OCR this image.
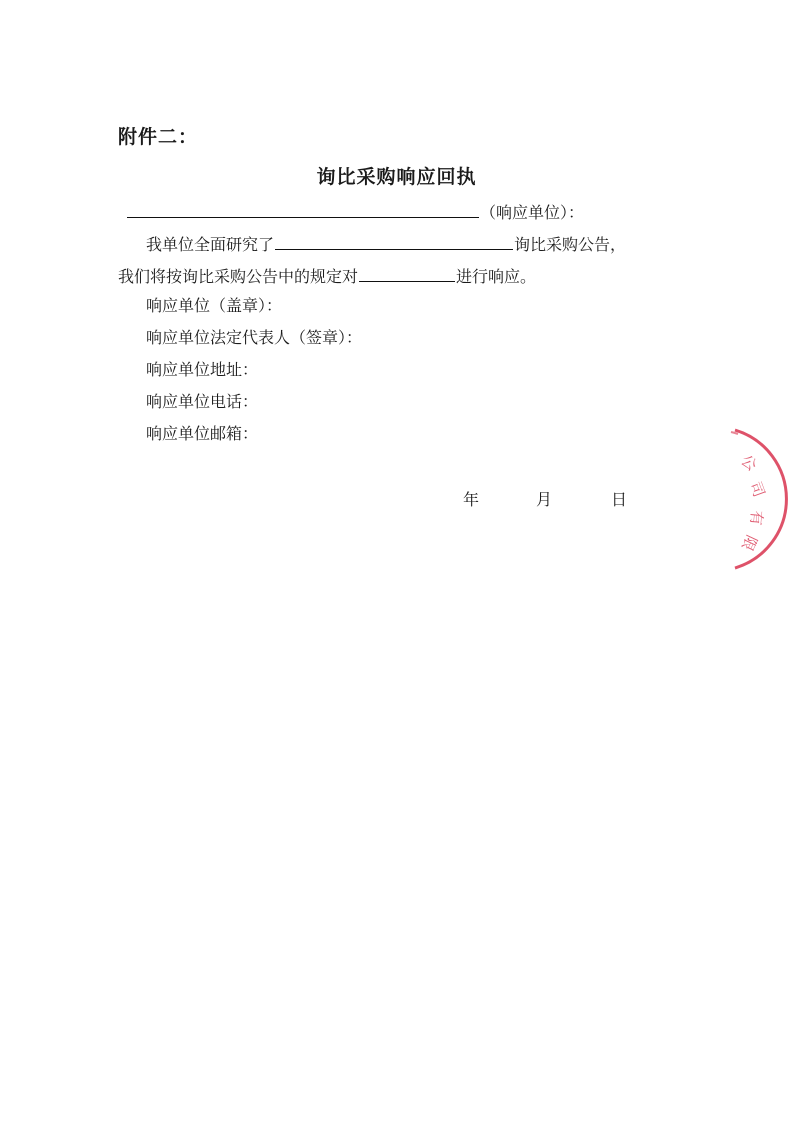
附件二：
询比采购响应回执
（响应单位）：
我单位全面研究了	询比采购公告，
我们将按询比采购公告中的规定对	进行响应。
响应单位（盖章）：
响应单位法定代表人（签章）：
响应单位地址：
响应单位电话：
响应单位邮箱：
年	月	日
公
司
有
限
